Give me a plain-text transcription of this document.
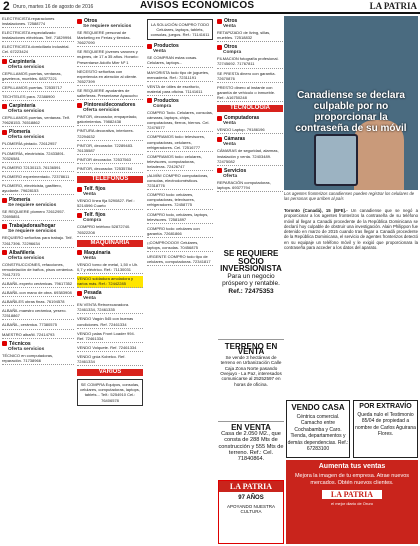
2 Oruro, martes 16 de agosto de 2016	AVISOS ECONÓMICOS	LA PATRIA
ELECTRICISTA reparaciones instalaciones. 72588774
ELECTRICISTA especializado instalaciones eléctricas. Telf. 71829994
ELECTRICISTA domiciliario industrial. Cel. 67223424
Carpintería
Oferta servicios
CEPILLAMOS puertas, ventanas, gaveteros, muebles. 68377221
CEPILLAMOS puertas. 72535717
TECHTELES para. 72388900
Carpintería
Oferta servicios
CEPILLAMOS puertas, ventanas. Telf. 79628153. 76518862
Plomería
Oferta servicios
PLOMERÍA pintado. 72612957
PLOMERÍA, electricista. 72433891. 70326581
PLOMERO 72130113. 76136591
PLOMERO experimentado. 72378611
PLOMERO, electricista, gasfitero, ayudante. 79628153
Plomería
Se requiere servicios
SE REQUIERE plomero 72612957. 72695851
Trabajadoras/hogar
Se requiere servicios
REQUIERO señoritas para trabajo. Telf. 72617396. 72296634
Albañilería
Oferta servicios
CONSTRUCCIONES, refacciones, remodelación de baños, pisos cerámica. 79417370
ALBAÑIL experto cerámicas. 79617352
ALBAÑIL con mano de obra. 69383908
ALBAÑILES obras finas. 76194578
ALBAÑIL maestro cerámica, yesero. 72518867
ALBAÑIL, cerámica. 77380575
MAESTRO albañil. 72414793
Técnicos
Oferta servicios
TÉCNICO en computadoras, reparación. 71738966
Otros
Se requiere servicios
SE REQUIERE personal de Marketing en Ferias y tiendas. 76627090
SE REQUIERE jóvenes varones y mujeres, de 17 a 35 años. Horario: Presentarse Adolfo Mier Nº 1
NECESITO señoritas con experiencia en atención al cliente. 76527399
SE REQUIERE ayudantes de salteñeras. Presentarse Ayacucho
Pintores/decoradores
Oferta servicios
PINTOR, decorador, empapelado, gatorimientos. 79882438
PINTURA decorativa, interiores. 72294632
PINTOR, decorador. 72289483. 76135587
PINTOR decorador. 72537563
PINTOR, decorador. 72535784
TELEFONOS
Telf. fijos
Venta
VENDO línea fija 5290827. Ref.: 5214596 Cuarto
Telf. fijos
Compra
COMPRO teléfono 52872740. 76522208
MAQUINARIA
Maquinaria
Venta
VENDO torno de metal, 1,50 x Uh. 0,7 y eléctrico. Ref.: 71130031
VENDO soldadura amoladora y varios más. Ref.: 72442285
Pesada
Venta
EN VENTA Retroexcavadora. 72461334, 72461335
VENDO Vagón 545 con buenas condiciones. Ref. 72461334
VENDO palas Front Loader 994. Ref. 72461334
VENDO Volquete. Ref. 72461334
VENDO grúa Kobelco. Ref. 72461334
VARIOS
SE COMPRA Equipos, consolas, celulares, computadoras, laptops, tablets... Telf.: 5254910 Cel.: 76406578
LA SOLUCIÓN COMPRO TODO Celulares, laptops, tablets, consolas, juegos. Ref.: 71141611
Productos
Venta
SE COMPRAN estas cosas. Celulares, laptops...
MAYORISTA todo tipo de juguetes, mercadería. Ref.: 72311191
VENTA de útiles de escritorio, material para oficina. 71141611
Productos
Compra
COMPRO Todo. Celulares, consolas, cámaras, laptops, chips, computadoras, fierros, hierros. Cel. 72476577
COMPRAMOS todo: televisores, computadoras, celulares, refrigeradores. Cel. 72516777
COMPRAMOS todo: celulares, televisores, computadoras, heladeras. 72426747
¡ALMÍN! COMPRO computadoras, consolas, electrodomésticos. 72318776
COMPRO todo: celulares, computadoras, televisores, refrigeradores. 72458775
COMPRO todo, celulares, laptops, televisores. 72581897
COMPRO todo: celulares con garantía. 72681866
¡¡COMPROOOO!! Celulares, laptops, consolas. 70456875
URGENTE COMPRO todo tipo de celulares, computadoras. 72341817
Otros
Venta
RETAPIZADO de living, sillas, muebles. 72518832
Otros
Compra
FILMACION fotografía profesional. 72745692. 71767811
SE PRESTA dinero con garantía. 72670876
PRESTO dinero al instante con garantía de vehículo o inmueble. Ref.: A16750248
TECNOLOGÍA
Computadoras
Venta
VENDO Laptop. 79186196
Cámaras
Venta
CÁMARAS de seguridad, alarmas, instalación y venta. 72403489. 72475082
Servicios
Oferta
REPARACIÓN computadoras, laptops. 69377794
SE REQUIERE SOCIO INVERSIONISTA
Para un negocio próspero y rentable.
Ref.: 72475353
TERRENO EN VENTA
Se vende 3 hectáreas de terreno en Urbanización Calle Caja Zona Norte pasando Ovejuyo - La Paz, interesados comunicarse al 25252597 en horas de oficina.
EN VENTA
Casa de 2.050 M2., que consta de 288 Mts de construcción y 555 Mts de terreno. Ref.: Cel. 71840864.
LA PATRIA
97 AÑOS
APOYANDO NUESTRA CULTURA
Canadiense se declara culpable por no proporcionar la contraseña de su móvil
Los agentes fronterizos canadienses pueden registrar los celulares de las personas que arriben al país
Toronto (Canadá), 15 (EFE).- Un canadiense que se negó a proporcionar a los agentes fronterizos la contraseña de su teléfono móvil al llegar a Canadá procedente de la República Dominicana se declaró hoy culpable de obstruir una investigación. Alain Philippon fue detenido en marzo de 2015 cuando tras llegar a Canadá procedente de la República Dominicana, el servicio de agentes fronterizos detectó en su equipaje un teléfono móvil y le exigió que proporcionara la contraseña para acceder a los datos del aparato.
VENDO CASA

Céntrica comercial. Camacho entre Cochabamba y Caro. Tienda, departamentos y demás dependencias. Ref.: 67283100

POR EXTRAVÍO

Queda nulo el Testimonio 85/04 de propiedad a nombre de Carlos Aguirana Flores.

Aumenta tus ventas
Mejora la imagen de tu empresa. Atrae nuevos mercados. Obtén nuevos clientes.
LA PATRIA
el mejor diario de Oruro
